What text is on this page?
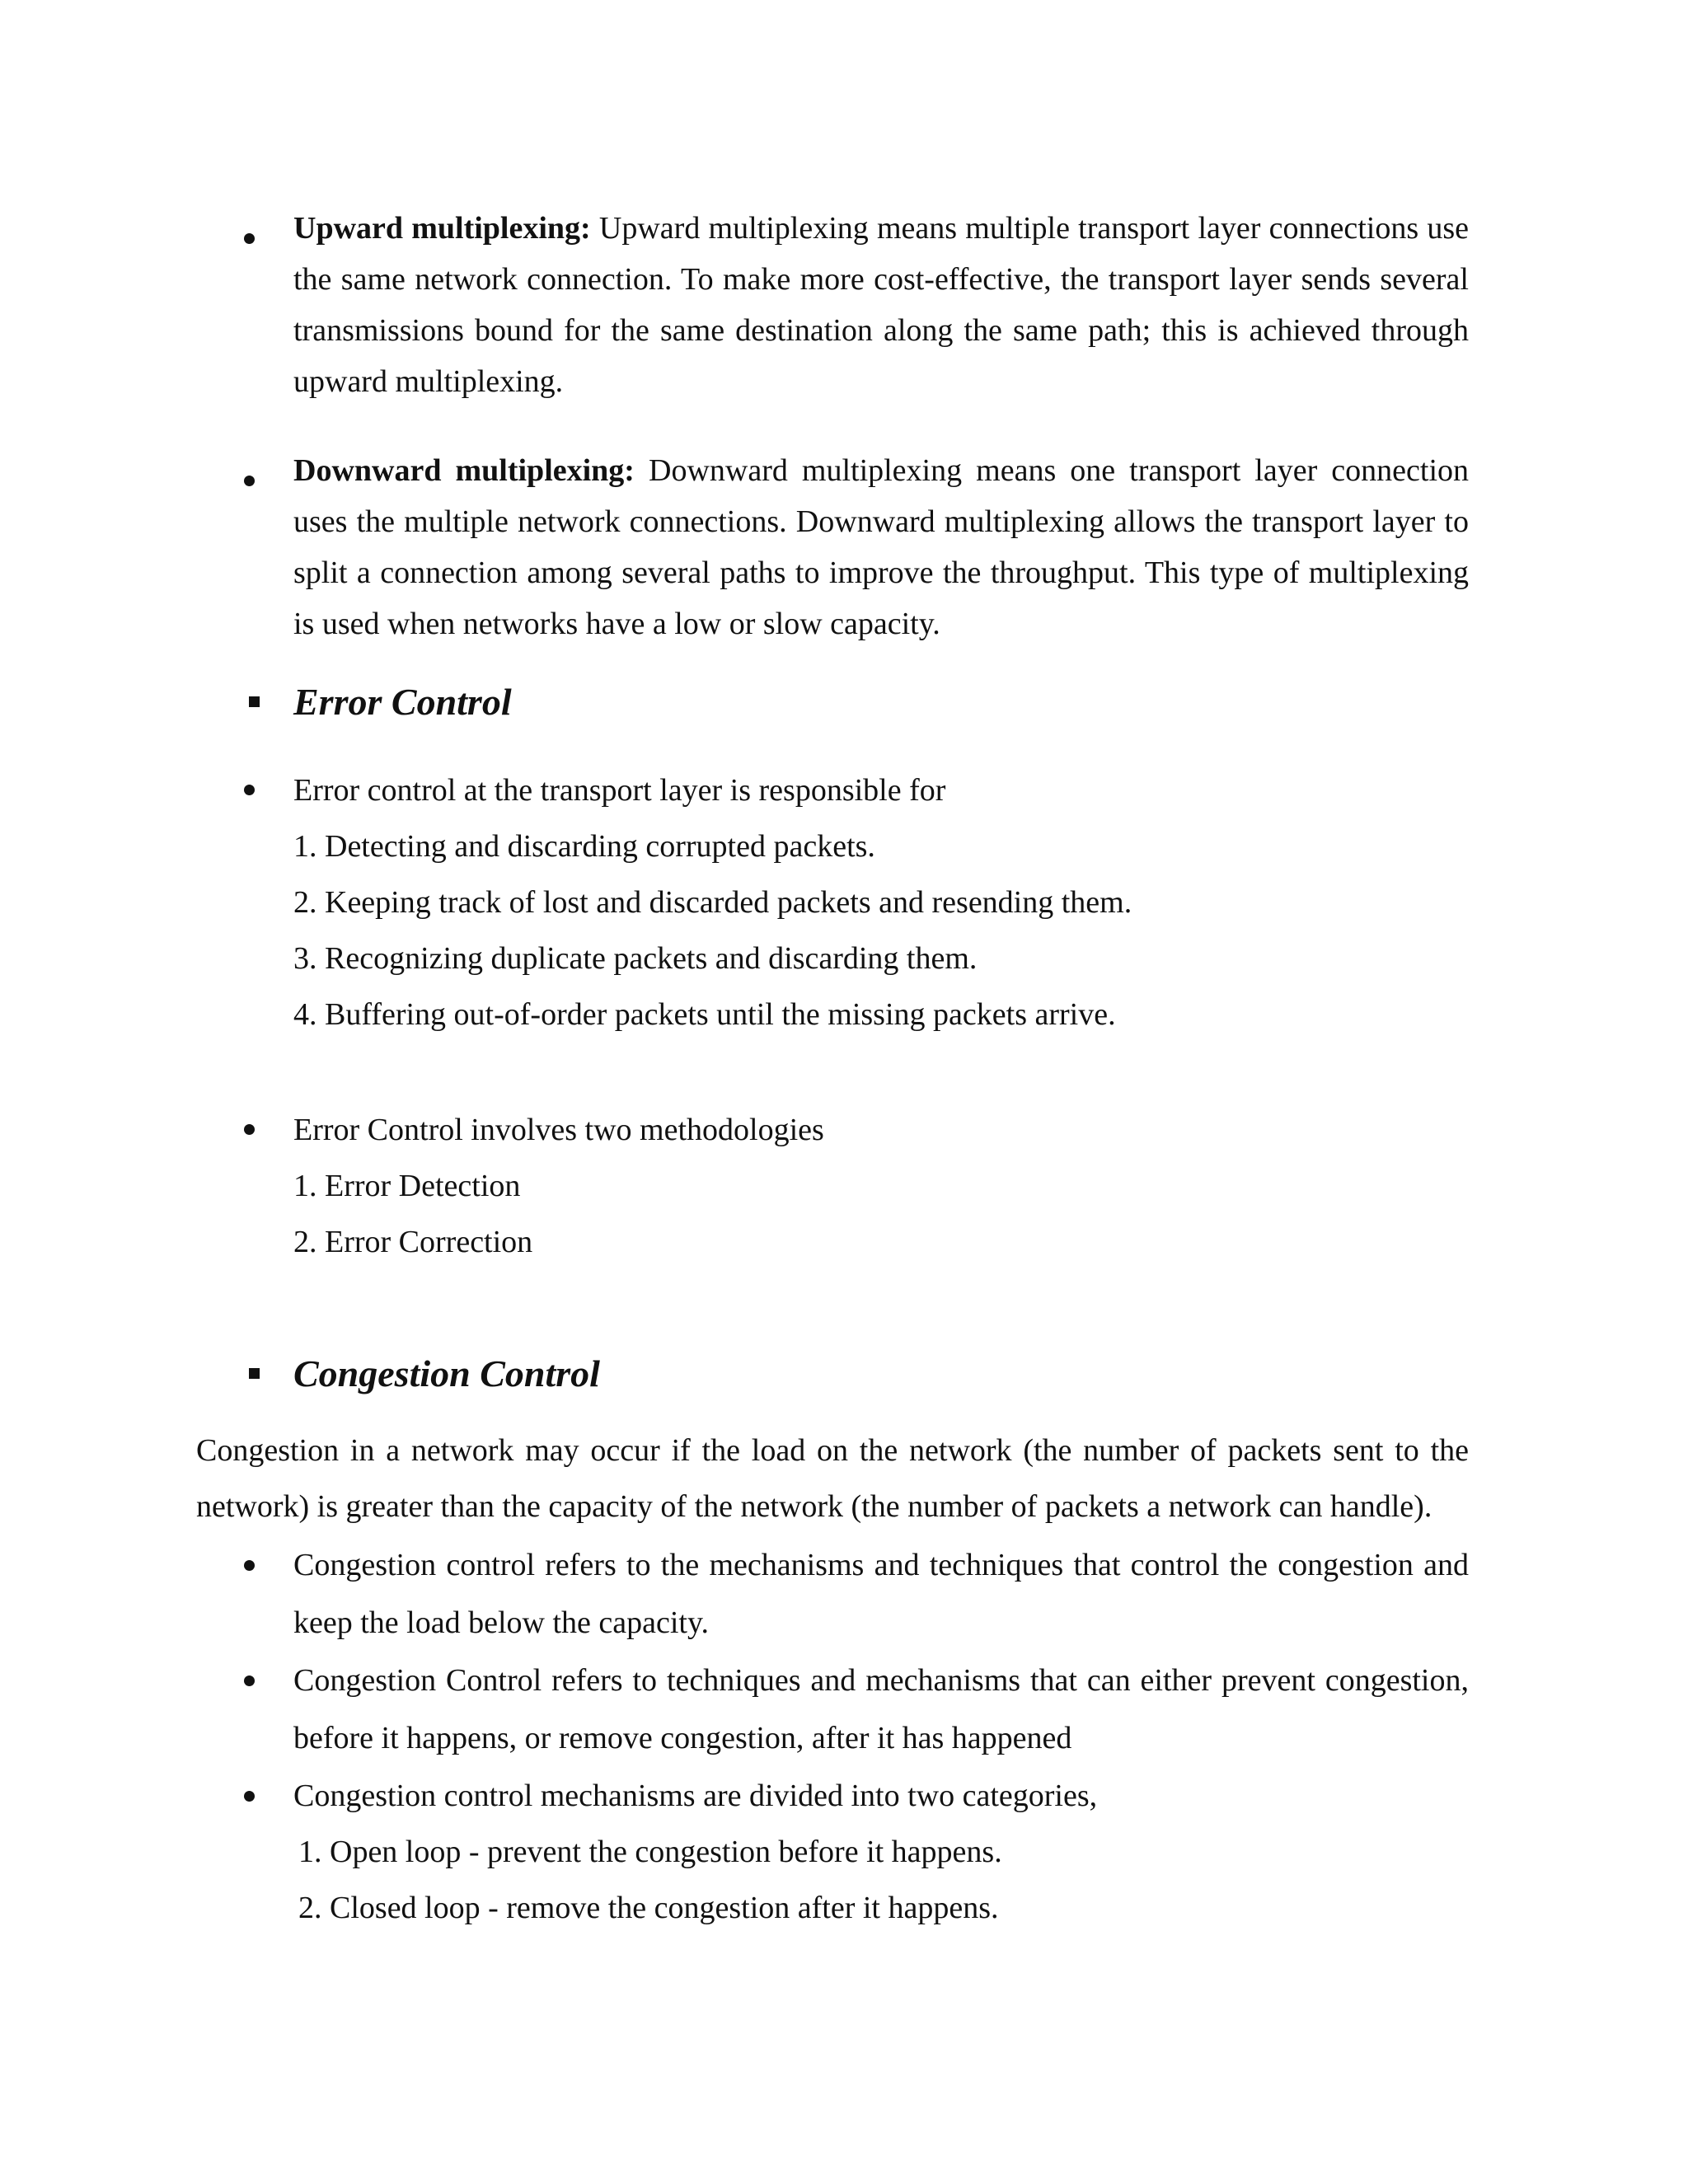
Upward multiplexing: Upward multiplexing means multiple transport layer connections use the same network connection. To make more cost-effective, the transport layer sends several transmissions bound for the same destination along the same path; this is achieved through upward multiplexing.
Downward multiplexing: Downward multiplexing means one transport layer connection uses the multiple network connections. Downward multiplexing allows the transport layer to split a connection among several paths to improve the throughput. This type of multiplexing is used when networks have a low or slow capacity.
Error Control
Error control at the transport layer is responsible for
1. Detecting and discarding corrupted packets.
2. Keeping track of lost and discarded packets and resending them.
3. Recognizing duplicate packets and discarding them.
4. Buffering out-of-order packets until the missing packets arrive.
Error Control involves two methodologies
1. Error Detection
2. Error Correction
Congestion Control
Congestion in a network may occur if the load on the network (the number of packets sent to the network) is greater than the capacity of the network (the number of packets a network can handle).
Congestion control refers to the mechanisms and techniques that control the congestion and keep the load below the capacity.
Congestion Control refers to techniques and mechanisms that can either prevent congestion, before it happens, or remove congestion, after it has happened
Congestion control mechanisms are divided into two categories,
1. Open loop - prevent the congestion before it happens.
2. Closed loop - remove the congestion after it happens.
